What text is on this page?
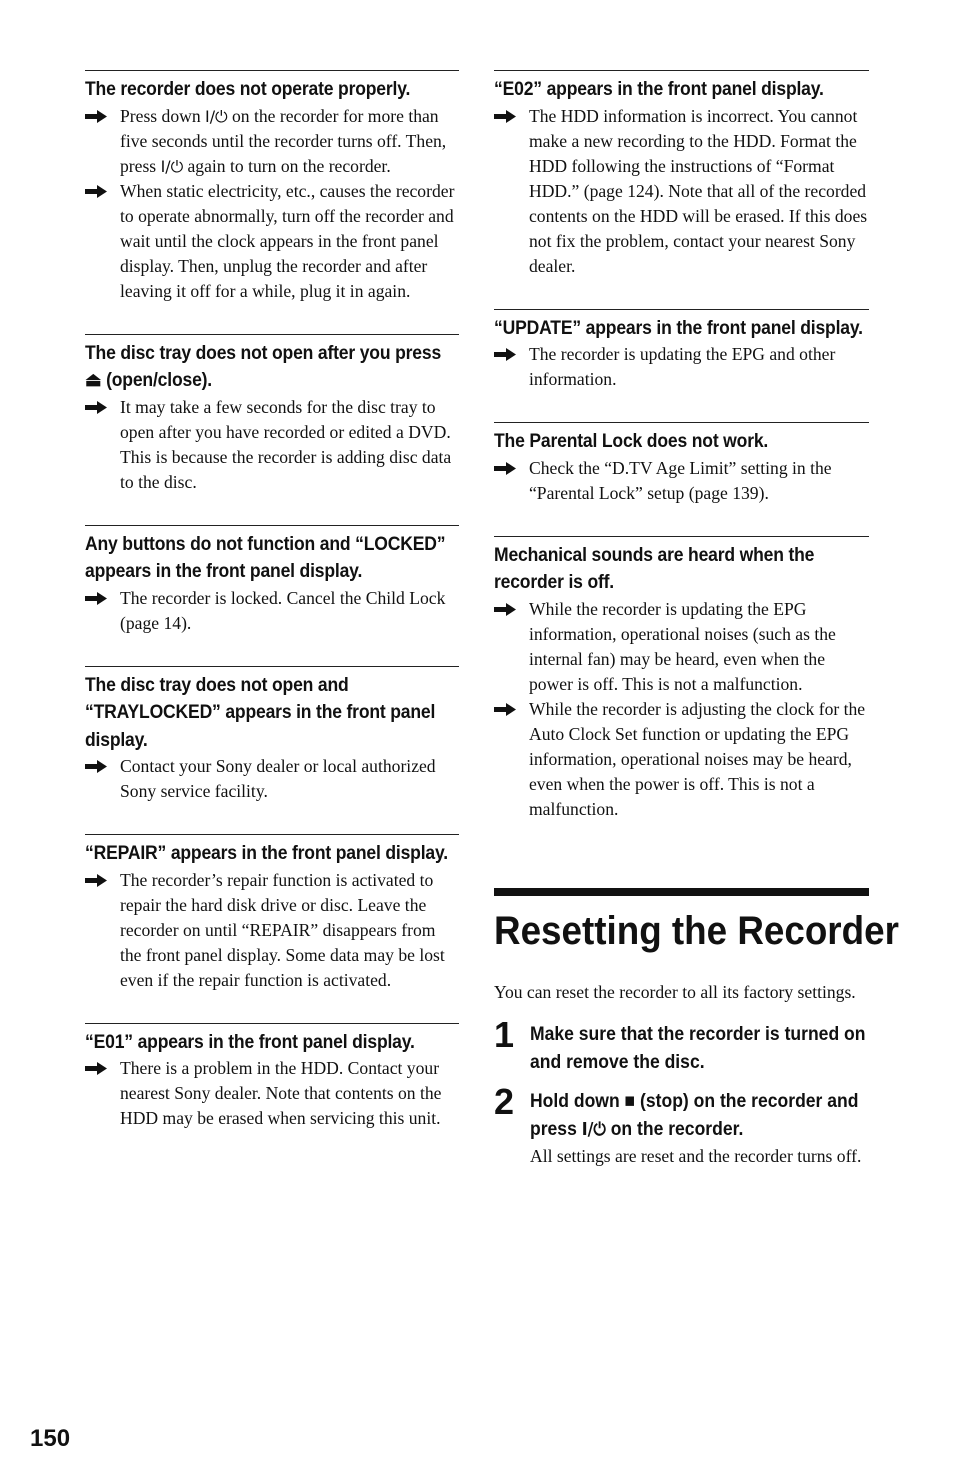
The recorder does not operate properly.

Press down I/⏻ on the recorder for more than five seconds until the recorder turns off. Then, press I/⏻ again to turn on the recorder.

When static electricity, etc., causes the recorder to operate abnormally, turn off the recorder and wait until the clock appears in the front panel display. Then, unplug the recorder and after leaving it off for a while, plug it in again.

The disc tray does not open after you press ⏏ (open/close).

It may take a few seconds for the disc tray to open after you have recorded or edited a DVD. This is because the recorder is adding disc data to the disc.

Any buttons do not function and “LOCKED” appears in the front panel display.

The recorder is locked. Cancel the Child Lock (page 14).

The disc tray does not open and “TRAYLOCKED” appears in the front panel display.

Contact your Sony dealer or local authorized Sony service facility.

“REPAIR” appears in the front panel display.

The recorder’s repair function is activated to repair the hard disk drive or disc. Leave the recorder on until “REPAIR” disappears from the front panel display. Some data may be lost even if the repair function is activated.

“E01” appears in the front panel display.

There is a problem in the HDD. Contact your nearest Sony dealer. Note that contents on the HDD may be erased when servicing this unit.

“E02” appears in the front panel display.

The HDD information is incorrect. You cannot make a new recording to the HDD. Format the HDD following the instructions of “Format HDD.” (page 124). Note that all of the recorded contents on the HDD will be erased. If this does not fix the problem, contact your nearest Sony dealer.

“UPDATE” appears in the front panel display.

The recorder is updating the EPG and other information.

The Parental Lock does not work.

Check the “D.TV Age Limit” setting in the “Parental Lock” setup (page 139).

Mechanical sounds are heard when the recorder is off.

While the recorder is updating the EPG information, operational noises (such as the internal fan) may be heard, even when the power is off. This is not a malfunction.

While the recorder is adjusting the clock for the Auto Clock Set function or updating the EPG information, operational noises may be heard, even when the power is off. This is not a malfunction.

Resetting the Recorder

You can reset the recorder to all its factory settings.

1 Make sure that the recorder is turned on and remove the disc.

2 Hold down ■ (stop) on the recorder and press I/⏻ on the recorder.

All settings are reset and the recorder turns off.

150
